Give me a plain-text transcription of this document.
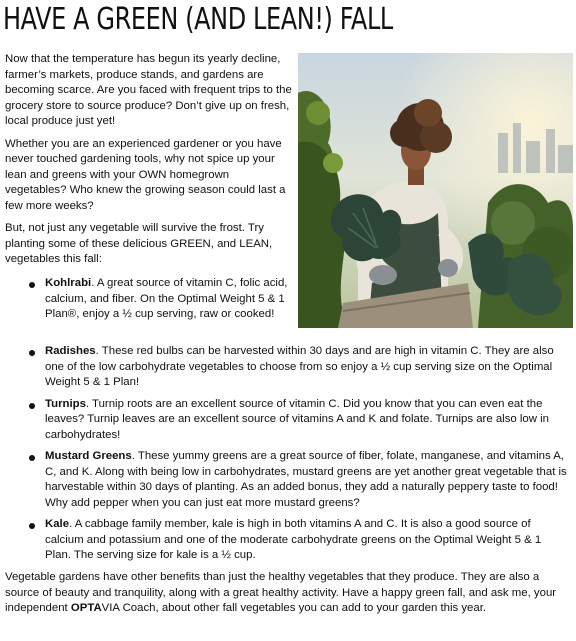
HAVE A GREEN (AND LEAN!) FALL

Now that the temperature has begun its yearly decline, farmer’s markets, produce stands, and gardens are becoming scarce. Are you faced with frequent trips to the grocery store to source produce? Don’t give up on fresh, local produce just yet!

Whether you are an experienced gardener or you have never touched gardening tools, why not spice up your lean and greens with your OWN homegrown vegetables? Who knew the growing season could last a few more weeks?

But, not just any vegetable will survive the frost. Try planting some of these delicious GREEN, and LEAN, vegetables this fall:

Kohlrabi. A great source of vitamin C, folic acid, calcium, and fiber. On the Optimal Weight 5 & 1 Plan®, enjoy a ½ cup serving, raw or cooked!
Radishes. These red bulbs can be harvested within 30 days and are high in vitamin C. They are also one of the low carbohydrate vegetables to choose from so enjoy a ½ cup serving size on the Optimal Weight 5 & 1 Plan!
Turnips. Turnip roots are an excellent source of vitamin C. Did you know that you can even eat the leaves? Turnip leaves are an excellent source of vitamins A and K and folate. Turnips are also low in carbohydrates!
Mustard Greens. These yummy greens are a great source of fiber, folate, manganese, and vitamins A, C, and K. Along with being low in carbohydrates, mustard greens are yet another great vegetable that is harvestable within 30 days of planting. As an added bonus, they add a naturally peppery taste to food! Why add pepper when you can just eat more mustard greens?
Kale. A cabbage family member, kale is high in both vitamins A and C. It is also a good source of calcium and potassium and one of the moderate carbohydrate greens on the Optimal Weight 5 & 1 Plan. The serving size for kale is a ½ cup.

Vegetable gardens have other benefits than just the healthy vegetables that they produce. They are also a source of beauty and tranquility, along with a great healthy activity. Have a happy green fall, and ask me, your independent OPTAVIA Coach, about other fall vegetables you can add to your garden this year.
